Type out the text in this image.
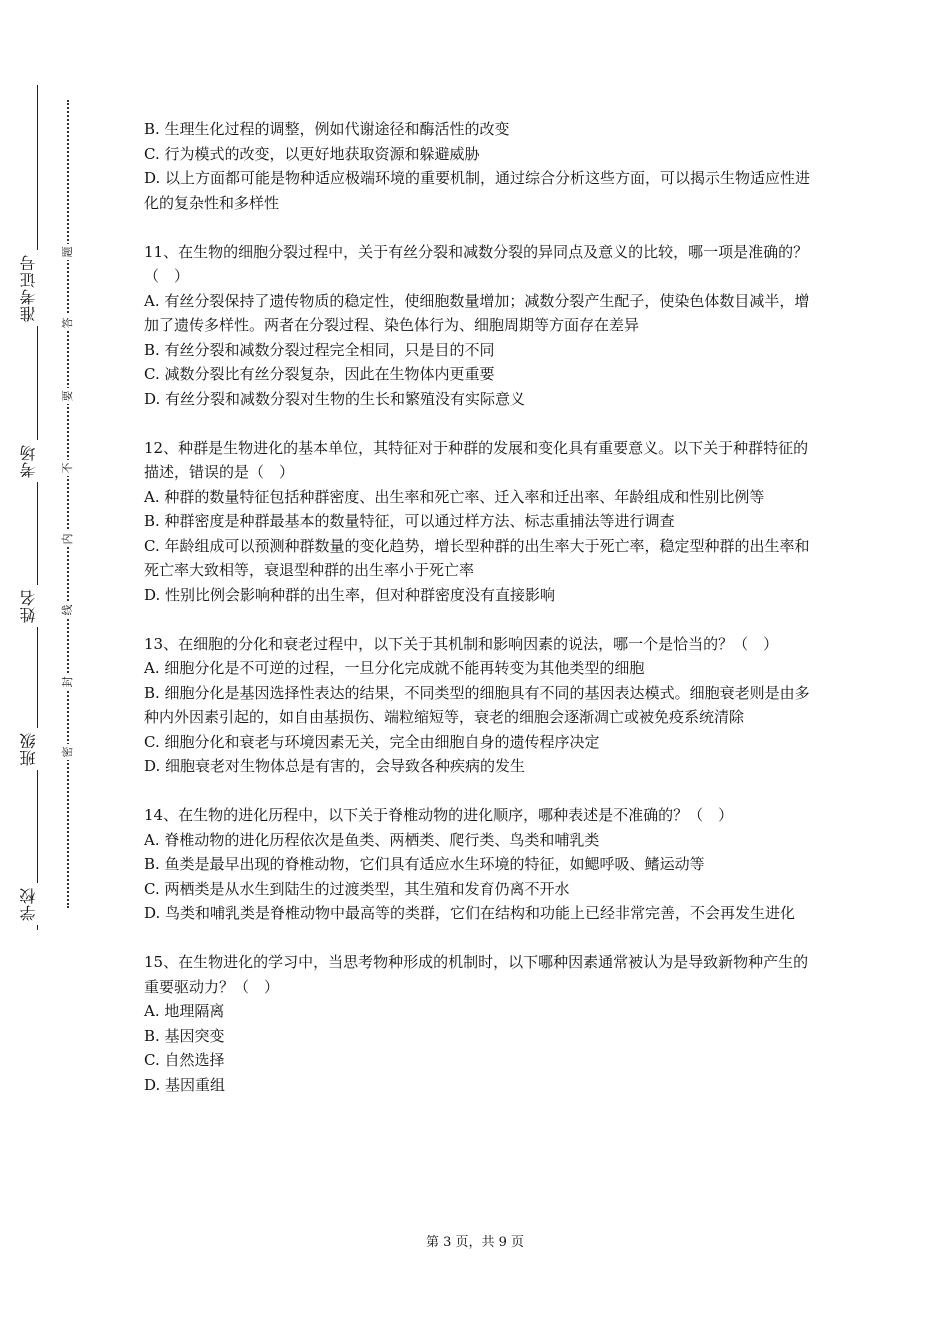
准考证号
考场
姓名
班级
学校
题
答
要
不
内
线
封
密

B. 生理生化过程的调整，例如代谢途径和酶活性的改变

C. 行为模式的改变，以更好地获取资源和躲避威胁

D. 以上方面都可能是物种适应极端环境的重要机制，通过综合分析这些方面，可以揭示生物适应性进化的复杂性和多样性

11、在生物的细胞分裂过程中，关于有丝分裂和减数分裂的异同点及意义的比较，哪一项是准确的？（　）

A. 有丝分裂保持了遗传物质的稳定性，使细胞数量增加；减数分裂产生配子，使染色体数目减半，增加了遗传多样性。两者在分裂过程、染色体行为、细胞周期等方面存在差异

B. 有丝分裂和减数分裂过程完全相同，只是目的不同

C. 减数分裂比有丝分裂复杂，因此在生物体内更重要

D. 有丝分裂和减数分裂对生物的生长和繁殖没有实际意义

12、种群是生物进化的基本单位，其特征对于种群的发展和变化具有重要意义。以下关于种群特征的描述，错误的是（　）

A. 种群的数量特征包括种群密度、出生率和死亡率、迁入率和迁出率、年龄组成和性别比例等

B. 种群密度是种群最基本的数量特征，可以通过样方法、标志重捕法等进行调查

C. 年龄组成可以预测种群数量的变化趋势，增长型种群的出生率大于死亡率，稳定型种群的出生率和死亡率大致相等，衰退型种群的出生率小于死亡率

D. 性别比例会影响种群的出生率，但对种群密度没有直接影响

13、在细胞的分化和衰老过程中，以下关于其机制和影响因素的说法，哪一个是恰当的？（　）

A. 细胞分化是不可逆的过程，一旦分化完成就不能再转变为其他类型的细胞

B. 细胞分化是基因选择性表达的结果，不同类型的细胞具有不同的基因表达模式。细胞衰老则是由多种内外因素引起的，如自由基损伤、端粒缩短等，衰老的细胞会逐渐凋亡或被免疫系统清除

C. 细胞分化和衰老与环境因素无关，完全由细胞自身的遗传程序决定

D. 细胞衰老对生物体总是有害的，会导致各种疾病的发生

14、在生物的进化历程中，以下关于脊椎动物的进化顺序，哪种表述是不准确的？（　）

A. 脊椎动物的进化历程依次是鱼类、两栖类、爬行类、鸟类和哺乳类

B. 鱼类是最早出现的脊椎动物，它们具有适应水生环境的特征，如鳃呼吸、鳍运动等

C. 两栖类是从水生到陆生的过渡类型，其生殖和发育仍离不开水

D. 鸟类和哺乳类是脊椎动物中最高等的类群，它们在结构和功能上已经非常完善，不会再发生进化

15、在生物进化的学习中，当思考物种形成的机制时，以下哪种因素通常被认为是导致新物种产生的重要驱动力？（　）

A. 地理隔离

B. 基因突变

C. 自然选择

D. 基因重组

第 3 页，共 9 页
